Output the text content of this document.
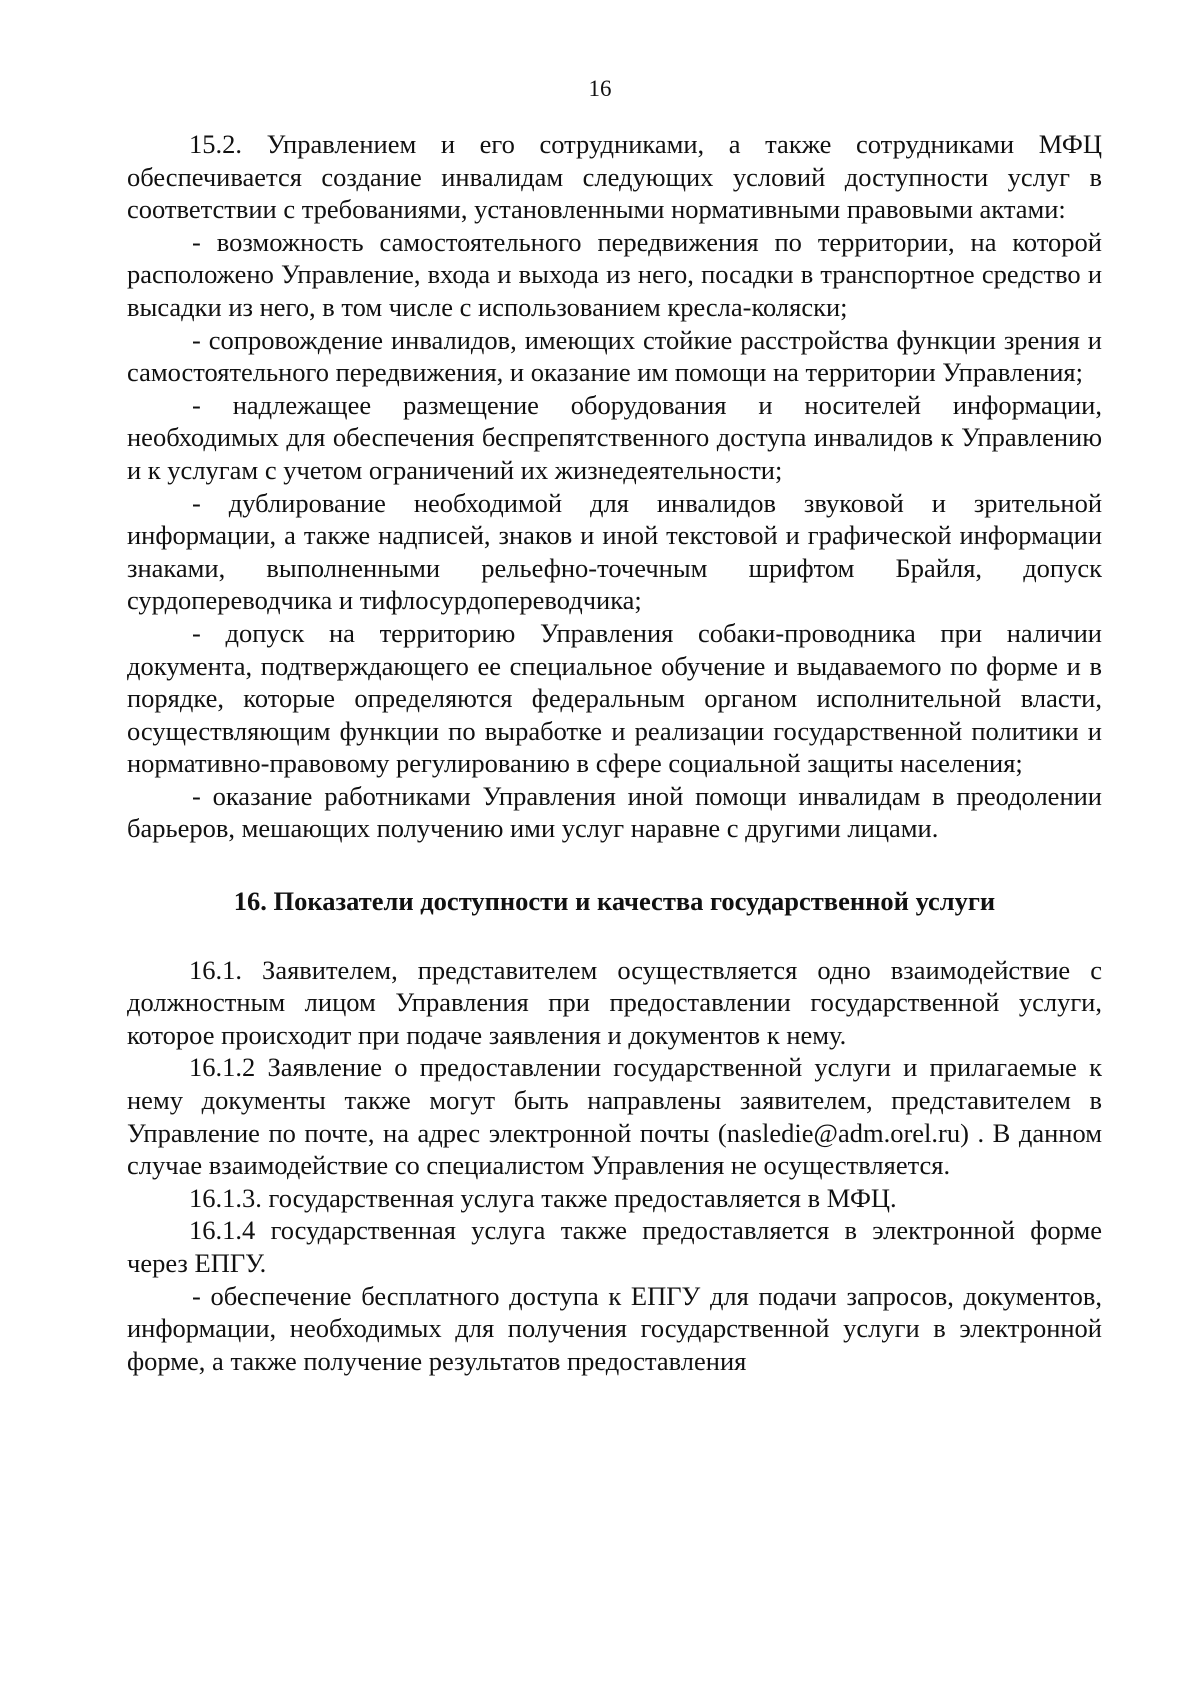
16

15.2. Управлением и его сотрудниками, а также сотрудниками МФЦ обеспечивается создание инвалидам следующих условий доступности услуг в соответствии с требованиями, установленными нормативными правовыми актами:

- возможность самостоятельного передвижения по территории, на которой расположено Управление, входа и выхода из него, посадки в транспортное средство и высадки из него, в том числе с использованием кресла-коляски;

- сопровождение инвалидов, имеющих стойкие расстройства функции зрения и самостоятельного передвижения, и оказание им помощи на территории Управления;

- надлежащее размещение оборудования и носителей информации, необходимых для обеспечения беспрепятственного доступа инвалидов к Управлению и к услугам с учетом ограничений их жизнедеятельности;

- дублирование необходимой для инвалидов звуковой и зрительной информации, а также надписей, знаков и иной текстовой и графической информации знаками, выполненными рельефно-точечным шрифтом Брайля, допуск сурдопереводчика и тифлосурдопереводчика;

- допуск на территорию Управления собаки-проводника при наличии документа, подтверждающего ее специальное обучение и выдаваемого по форме и в порядке, которые определяются федеральным органом исполнительной власти, осуществляющим функции по выработке и реализации государственной политики и нормативно-правовому регулированию в сфере социальной защиты населения;

- оказание работниками Управления иной помощи инвалидам в преодолении барьеров, мешающих получению ими услуг наравне с другими лицами.

16. Показатели доступности и качества государственной услуги

16.1. Заявителем, представителем осуществляется одно взаимодействие с должностным лицом Управления при предоставлении государственной услуги, которое происходит при подаче заявления и документов к нему.

16.1.2 Заявление о предоставлении государственной услуги и прилагаемые к нему документы также могут быть направлены заявителем, представителем в Управление по почте, на адрес электронной почты (nasledie@adm.orel.ru) . В данном случае взаимодействие со специалистом Управления не осуществляется.

16.1.3. государственная услуга также предоставляется в МФЦ.

16.1.4 государственная услуга также предоставляется в электронной форме через ЕПГУ.

- обеспечение бесплатного доступа к ЕПГУ для подачи запросов, документов, информации, необходимых для получения государственной услуги в электронной форме, а также получение результатов предоставления
